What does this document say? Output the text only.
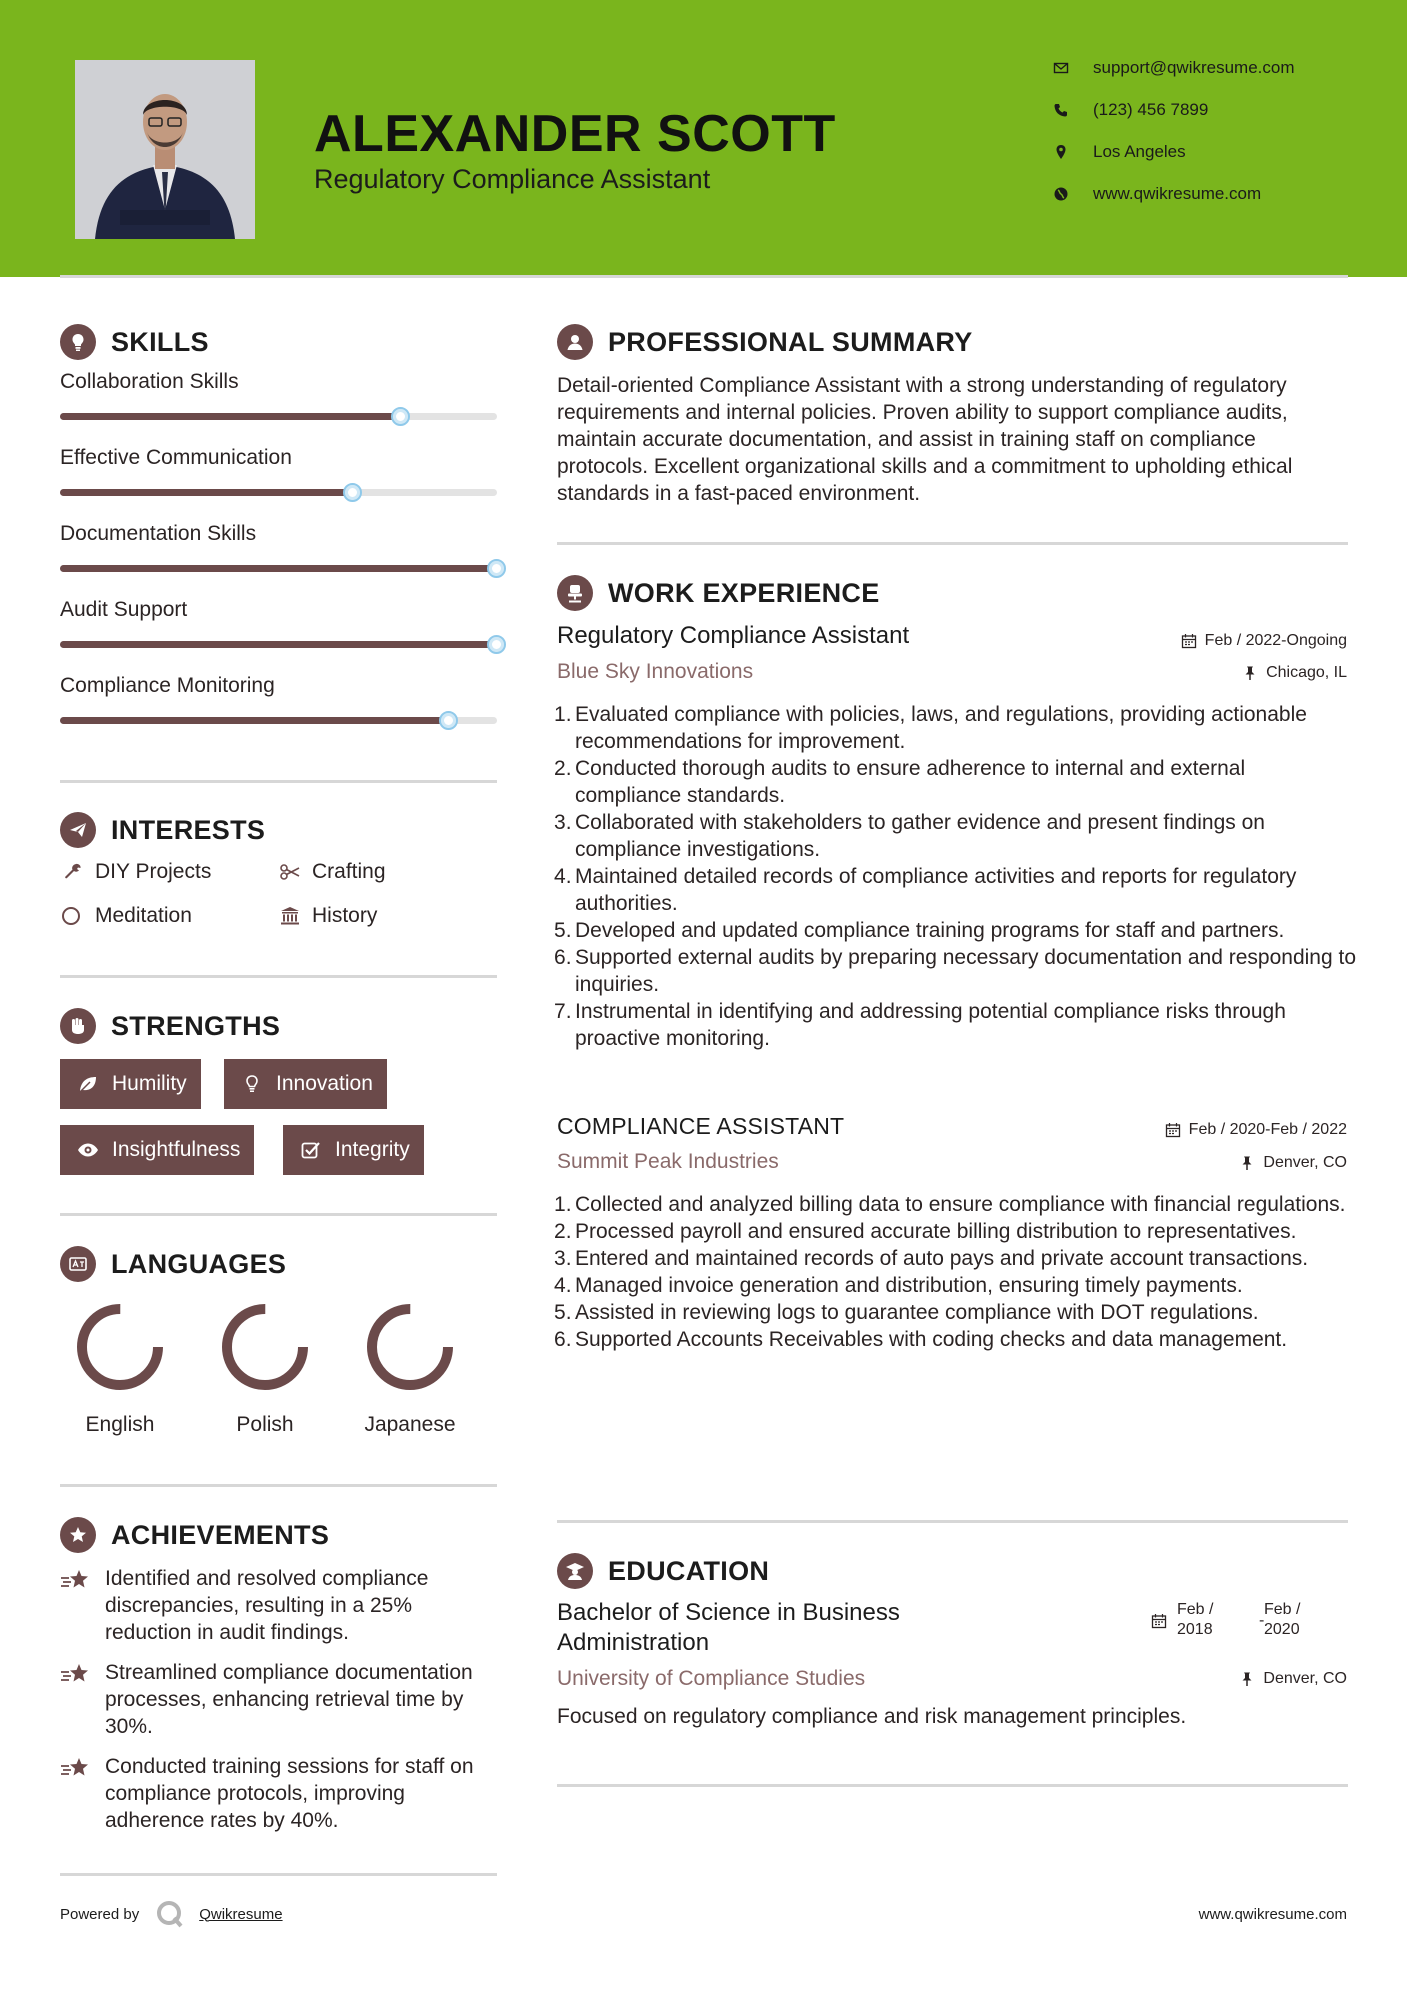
ALEXANDER SCOTT
Regulatory Compliance Assistant
support@qwikresume.com
(123) 456 7899
Los Angeles
www.qwikresume.com
SKILLS
Collaboration Skills
Effective Communication
Documentation Skills
Audit Support
Compliance Monitoring
INTERESTS
DIY Projects	Crafting
Meditation	History
STRENGTHS
Humility	Innovation
Insightfulness	Integrity
LANGUAGES
English	Polish	Japanese
ACHIEVEMENTS
Identified and resolved compliance discrepancies, resulting in a 25% reduction in audit findings.
Streamlined compliance documentation processes, enhancing retrieval time by 30%.
Conducted training sessions for staff on compliance protocols, improving adherence rates by 40%.
Powered by	Qwikresume	www.qwikresume.com
PROFESSIONAL SUMMARY
Detail-oriented Compliance Assistant with a strong understanding of regulatory requirements and internal policies. Proven ability to support compliance audits, maintain accurate documentation, and assist in training staff on compliance protocols. Excellent organizational skills and a commitment to upholding ethical standards in a fast-paced environment.
WORK EXPERIENCE
Regulatory Compliance Assistant	Feb / 2022-Ongoing
Blue Sky Innovations	Chicago, IL
Evaluated compliance with policies, laws, and regulations, providing actionable recommendations for improvement.
Conducted thorough audits to ensure adherence to internal and external compliance standards.
Collaborated with stakeholders to gather evidence and present findings on compliance investigations.
Maintained detailed records of compliance activities and reports for regulatory authorities.
Developed and updated compliance training programs for staff and partners.
Supported external audits by preparing necessary documentation and responding to inquiries.
Instrumental in identifying and addressing potential compliance risks through proactive monitoring.
COMPLIANCE ASSISTANT	Feb / 2020-Feb / 2022
Summit Peak Industries	Denver, CO
Collected and analyzed billing data to ensure compliance with financial regulations.
Processed payroll and ensured accurate billing distribution to representatives.
Entered and maintained records of auto pays and private account transactions.
Managed invoice generation and distribution, ensuring timely payments.
Assisted in reviewing logs to guarantee compliance with DOT regulations.
Supported Accounts Receivables with coding checks and data management.
EDUCATION
Bachelor of Science in Business Administration
Feb /
2018
-
Feb /
2020
University of Compliance Studies	Denver, CO
Focused on regulatory compliance and risk management principles.
